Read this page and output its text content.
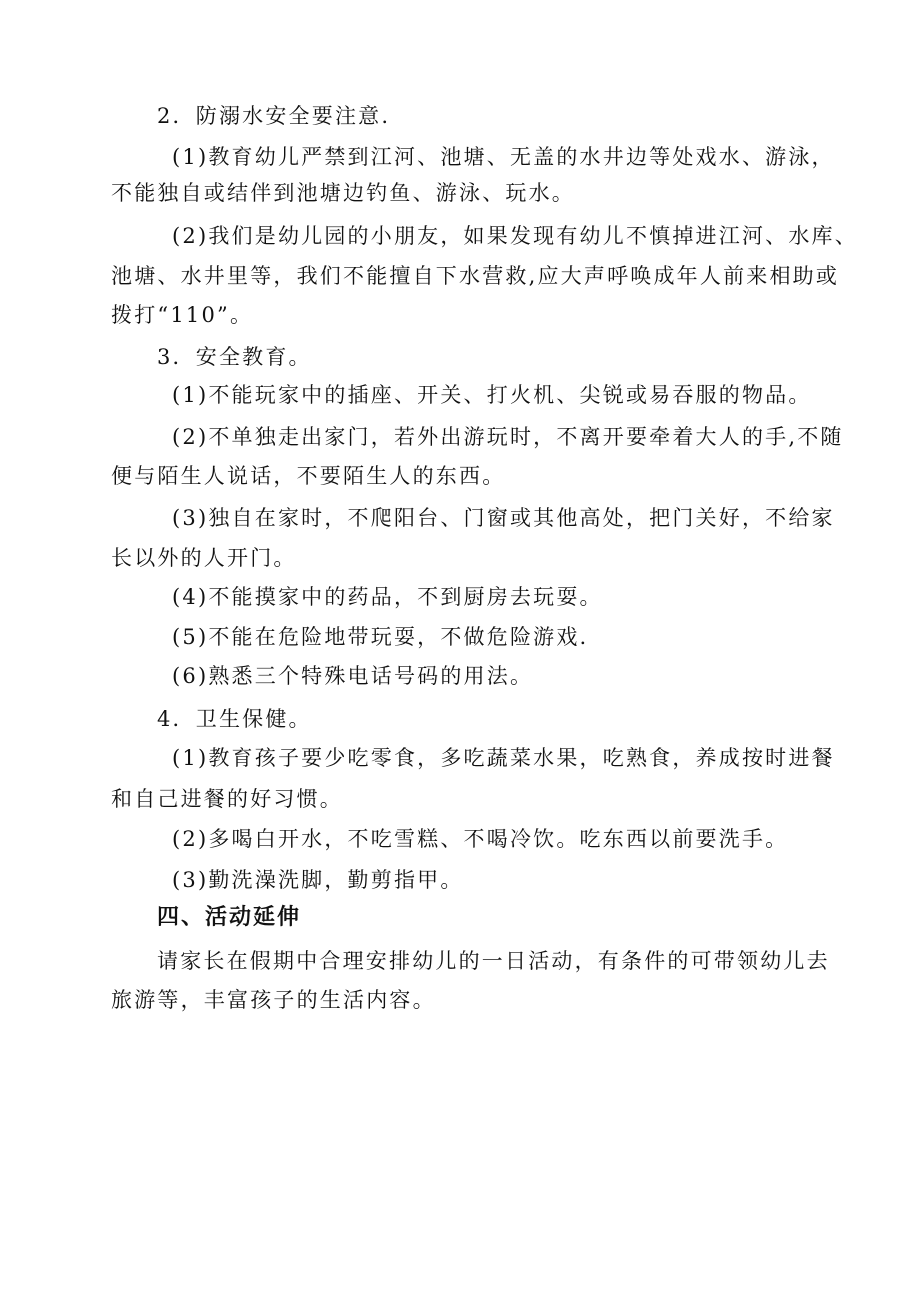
2．防溺水安全要注意.
(1)教育幼儿严禁到江河、池塘、无盖的水井边等处戏水、游泳，
不能独自或结伴到池塘边钓鱼、游泳、玩水。
(2)我们是幼儿园的小朋友，如果发现有幼儿不慎掉进江河、水库、
池塘、水井里等，我们不能擅自下水营救,应大声呼唤成年人前来相助或
拨打“110”。
3．安全教育。
(1)不能玩家中的插座、开关、打火机、尖锐或易吞服的物品。
(2)不单独走出家门，若外出游玩时，不离开要牵着大人的手,不随
便与陌生人说话，不要陌生人的东西。
(3)独自在家时，不爬阳台、门窗或其他高处，把门关好，不给家
长以外的人开门。
(4)不能摸家中的药品，不到厨房去玩耍。
(5)不能在危险地带玩耍，不做危险游戏.
(6)熟悉三个特殊电话号码的用法。
4．卫生保健。
(1)教育孩子要少吃零食，多吃蔬菜水果，吃熟食，养成按时进餐
和自己进餐的好习惯。
(2)多喝白开水，不吃雪糕、不喝冷饮。吃东西以前要洗手。
(3)勤洗澡洗脚，勤剪指甲。
四、活动延伸
请家长在假期中合理安排幼儿的一日活动，有条件的可带领幼儿去
旅游等，丰富孩子的生活内容。
